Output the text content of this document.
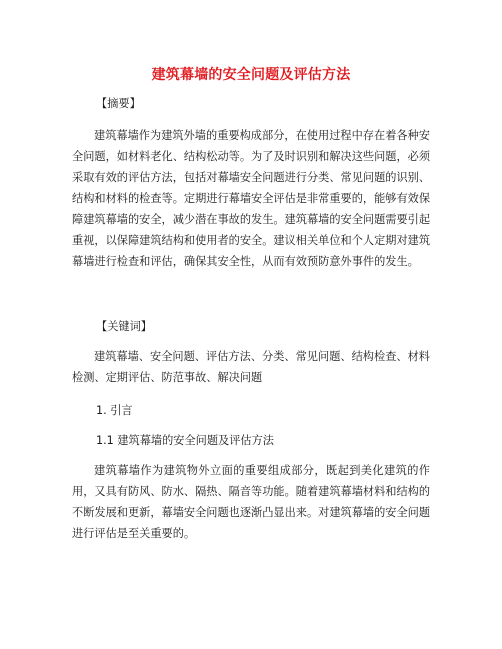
建筑幕墙的安全问题及评估方法
【摘要】
建筑幕墙作为建筑外墙的重要构成部分，在使用过程中存在着各种安全问题，如材料老化、结构松动等。为了及时识别和解决这些问题，必须采取有效的评估方法，包括对幕墙安全问题进行分类、常见问题的识别、结构和材料的检查等。定期进行幕墙安全评估是非常重要的，能够有效保障建筑幕墙的安全，减少潜在事故的发生。建筑幕墙的安全问题需要引起重视，以保障建筑结构和使用者的安全。建议相关单位和个人定期对建筑幕墙进行检查和评估，确保其安全性，从而有效预防意外事件的发生。
【关键词】
建筑幕墙、安全问题、评估方法、分类、常见问题、结构检查、材料检测、定期评估、防范事故、解决问题
1. 引言
1.1 建筑幕墙的安全问题及评估方法
建筑幕墙作为建筑物外立面的重要组成部分，既起到美化建筑的作用，又具有防风、防水、隔热、隔音等功能。随着建筑幕墙材料和结构的不断发展和更新，幕墙安全问题也逐渐凸显出来。对建筑幕墙的安全问题进行评估是至关重要的。
